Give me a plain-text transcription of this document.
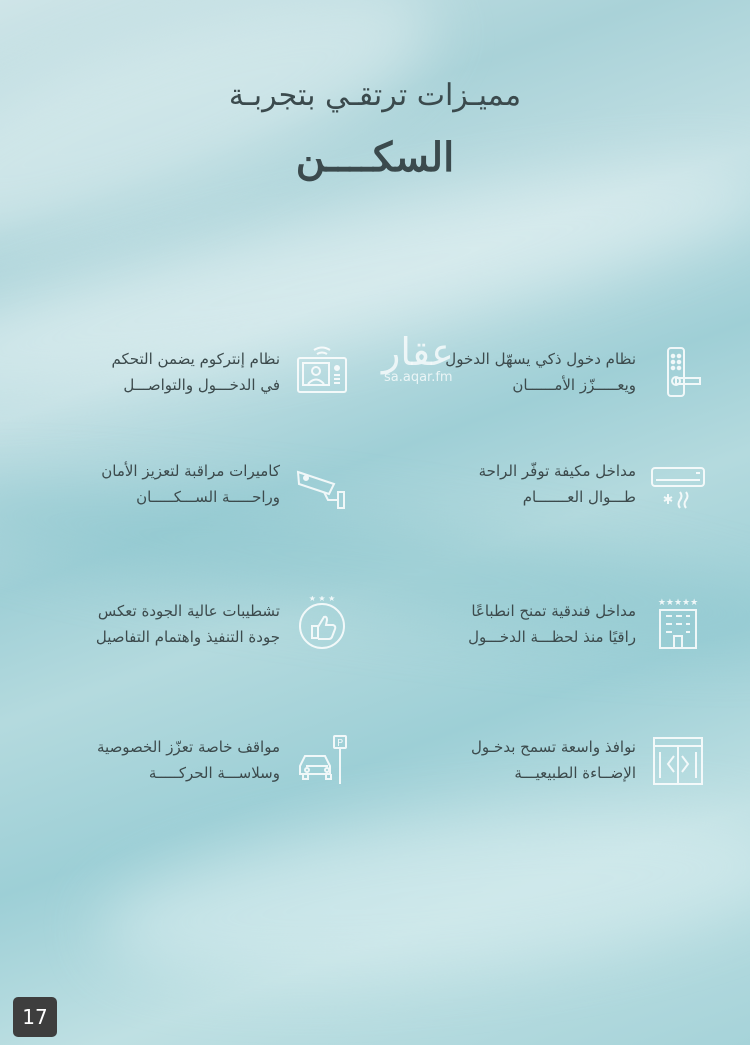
مميـزات ترتقـي بتجربـة
السكــــن
عقار
sa.aqar.fm
نظام دخول ذكي يسهّل الدخول
ويعـــــزّز الأمــــــان
نظام إنتركوم يضمن التحكم
في الدخـــول والتواصـــل
مداخل مكيفة توفّر الراحة
طـــوال العـــــــام
كاميرات مراقبة لتعزيز الأمان
وراحـــــة الســـكـــــان
★★★★★
مداخل فندقية تمنح انطباعًا
راقيًا منذ لحظـــة الدخـــول
★ ★ ★
تشطيبات عالية الجودة تعكس
جودة التنفيذ واهتمام التفاصيل
نوافذ واسعة تسمح بدخـول
الإضــاءة الطبيعيـــة
P
مواقف خاصة تعزّز الخصوصية
وسلاســـة الحركـــــة
17
